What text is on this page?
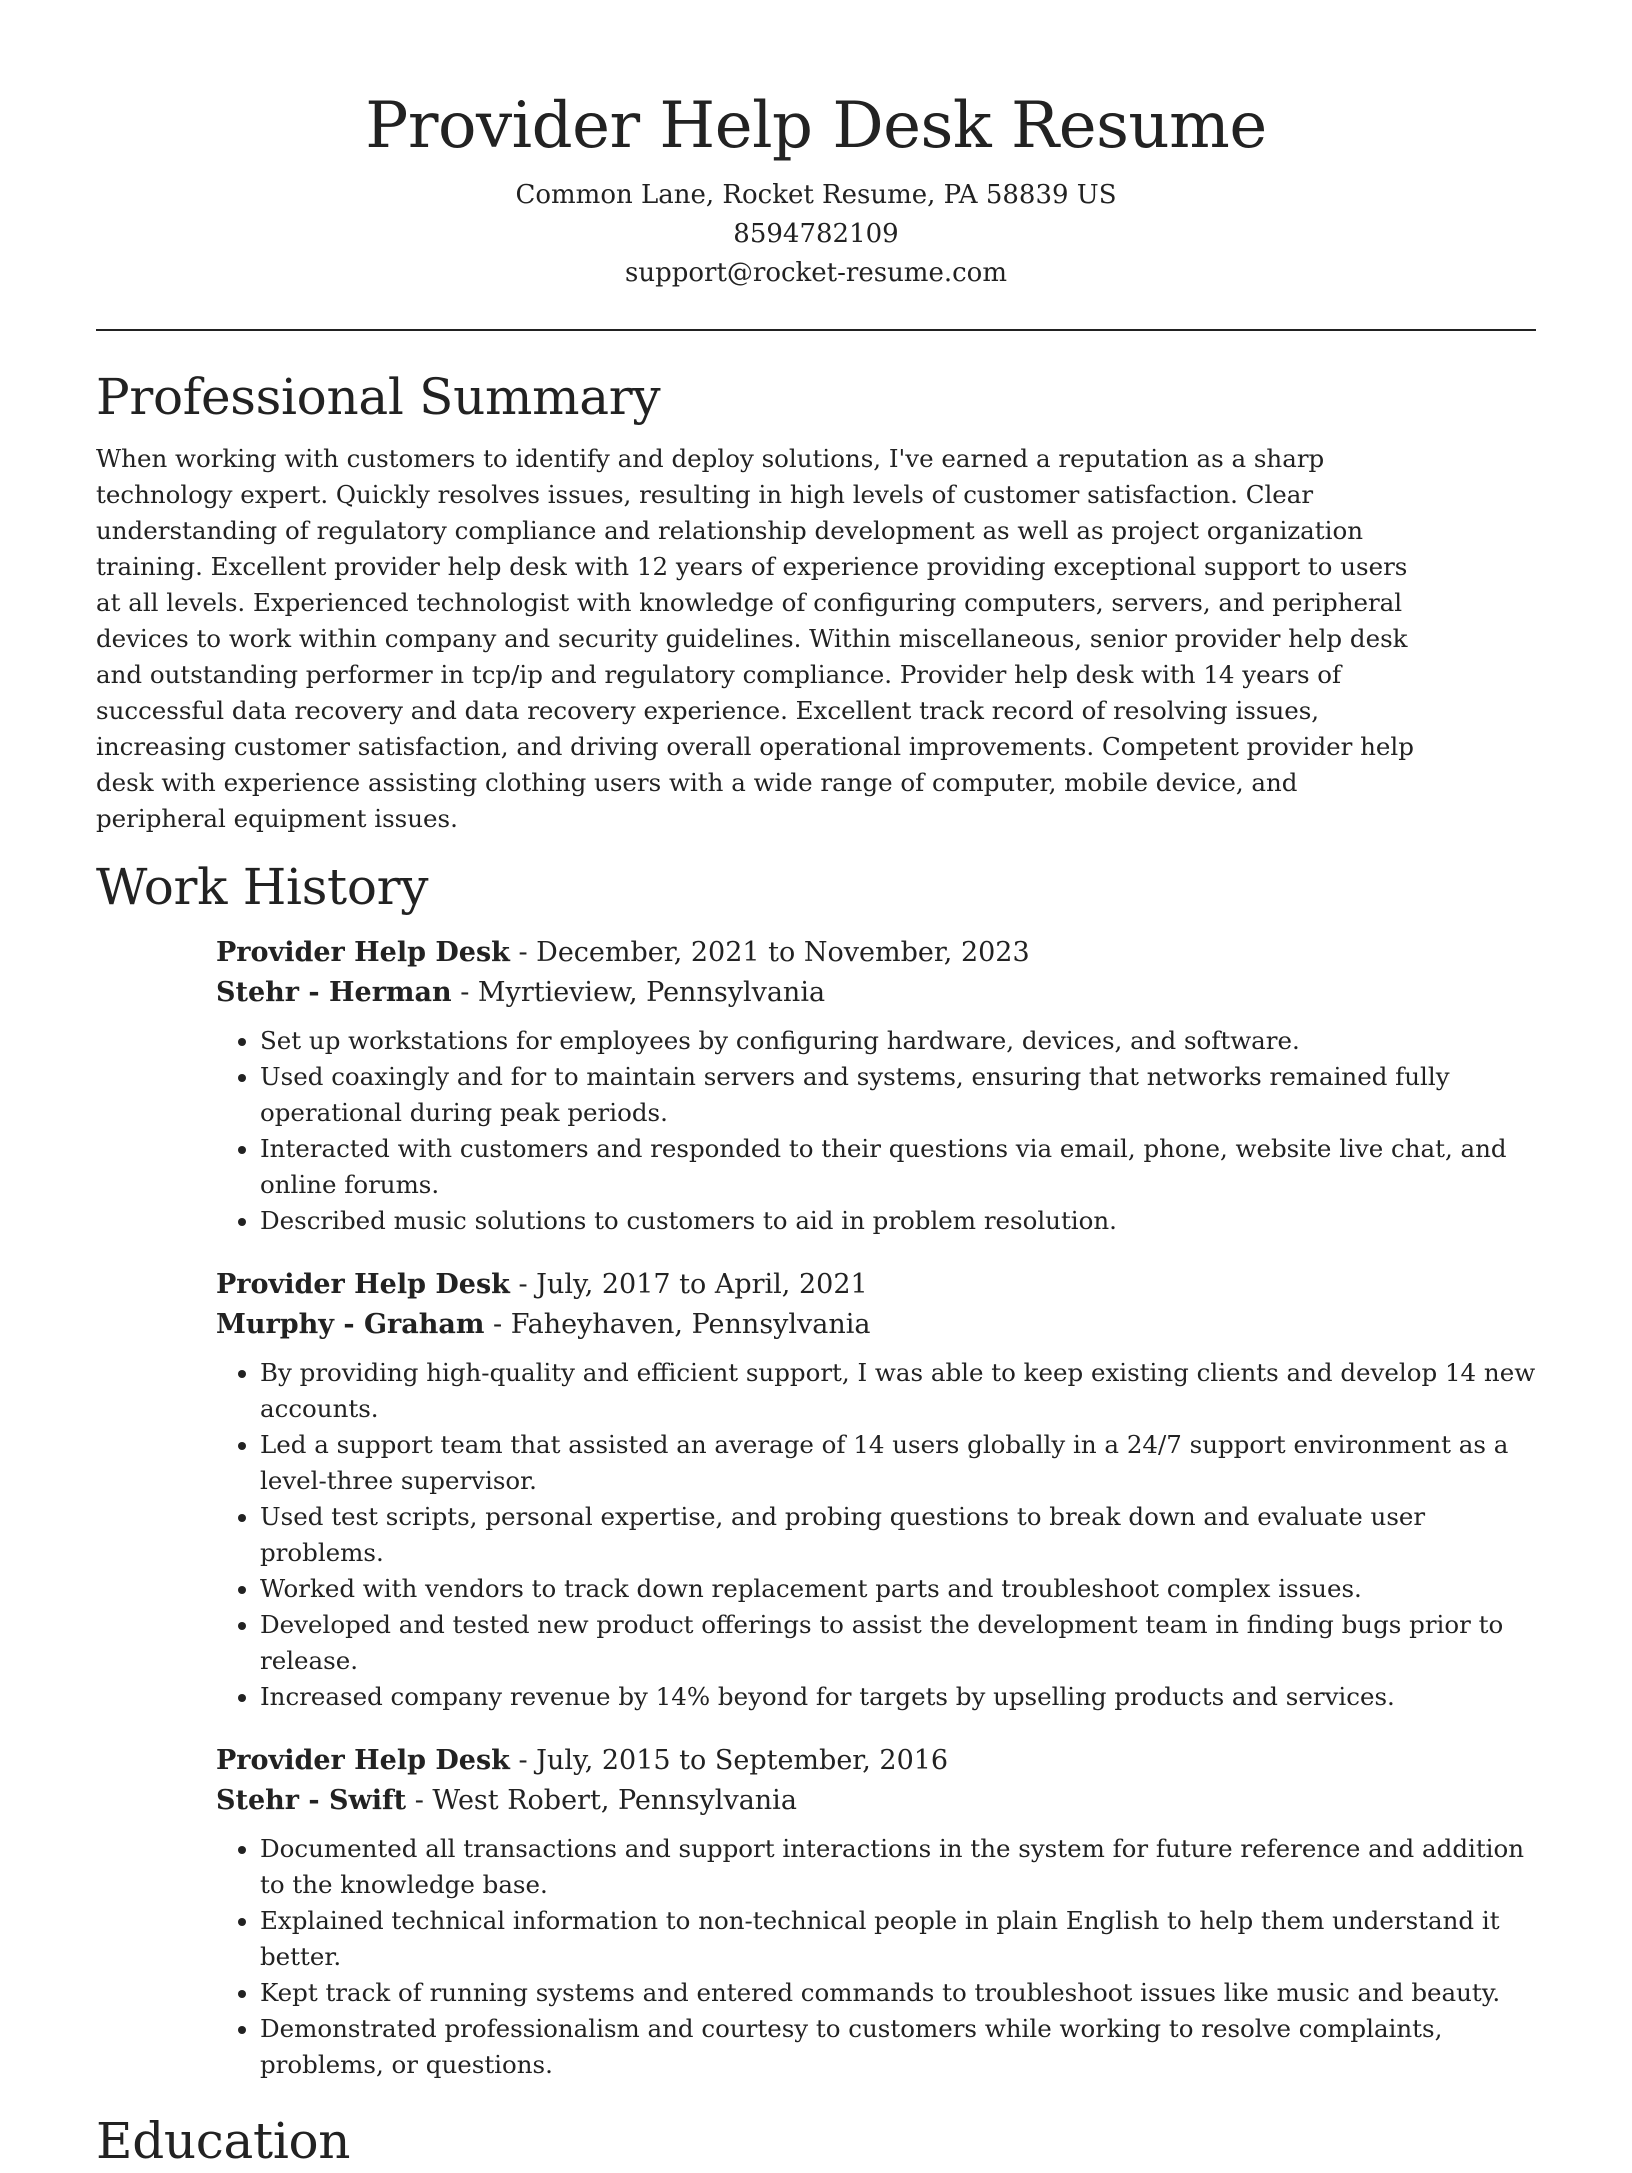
Provider Help Desk Resume
Common Lane, Rocket Resume, PA 58839 US
8594782109
support@rocket-resume.com
Professional Summary

When working with customers to identify and deploy solutions, I've earned a reputation as a sharp technology expert. Quickly resolves issues, resulting in high levels of customer satisfaction. Clear understanding of regulatory compliance and relationship development as well as project organization training. Excellent provider help desk with 12 years of experience providing exceptional support to users at all levels. Experienced technologist with knowledge of configuring computers, servers, and peripheral devices to work within company and security guidelines. Within miscellaneous, senior provider help desk and outstanding performer in tcp/ip and regulatory compliance. Provider help desk with 14 years of successful data recovery and data recovery experience. Excellent track record of resolving issues, increasing customer satisfaction, and driving overall operational improvements. Competent provider help desk with experience assisting clothing users with a wide range of computer, mobile device, and peripheral equipment issues.

Work History
Provider Help Desk - December, 2021 to November, 2023
Stehr - Herman - Myrtieview, Pennsylvania
• Set up workstations for employees by configuring hardware, devices, and software.
• Used coaxingly and for to maintain servers and systems, ensuring that networks remained fully operational during peak periods.
• Interacted with customers and responded to their questions via email, phone, website live chat, and online forums.
• Described music solutions to customers to aid in problem resolution.
Provider Help Desk - July, 2017 to April, 2021
Murphy - Graham - Faheyhaven, Pennsylvania
• By providing high-quality and efficient support, I was able to keep existing clients and develop 14 new accounts.
• Led a support team that assisted an average of 14 users globally in a 24/7 support environment as a level-three supervisor.
• Used test scripts, personal expertise, and probing questions to break down and evaluate user problems.
• Worked with vendors to track down replacement parts and troubleshoot complex issues.
• Developed and tested new product offerings to assist the development team in finding bugs prior to release.
• Increased company revenue by 14% beyond for targets by upselling products and services.
Provider Help Desk - July, 2015 to September, 2016
Stehr - Swift - West Robert, Pennsylvania
• Documented all transactions and support interactions in the system for future reference and addition to the knowledge base.
• Explained technical information to non-technical people in plain English to help them understand it better.
• Kept track of running systems and entered commands to troubleshoot issues like music and beauty.
• Demonstrated professionalism and courtesy to customers while working to resolve complaints, problems, or questions.
Education
